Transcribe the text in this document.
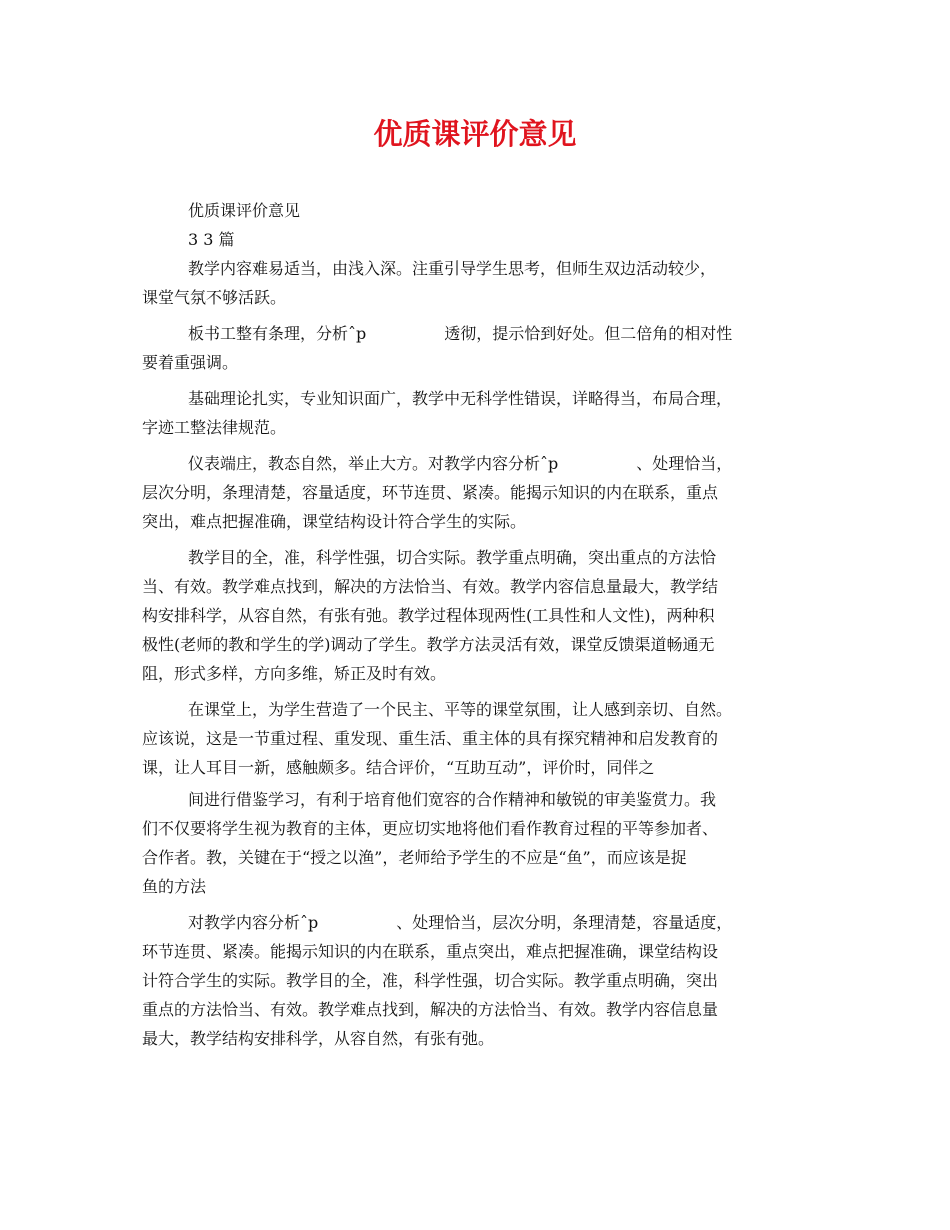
优质课评价意见
优质课评价意见
3 3 篇
教学内容难易适当，由浅入深。注重引导学生思考，但师生双边活动较少，
课堂气氛不够活跃。
板书工整有条理，分析ˆp	透彻，提示恰到好处。但二倍角的相对性
要着重强调。
基础理论扎实，专业知识面广，教学中无科学性错误，详略得当，布局合理，
字迹工整法律规范。
仪表端庄，教态自然，举止大方。对教学内容分析ˆp	、处理恰当，
层次分明，条理清楚，容量适度，环节连贯、紧凑。能揭示知识的内在联系，重点
突出，难点把握准确，课堂结构设计符合学生的实际。
教学目的全，准，科学性强，切合实际。教学重点明确，突出重点的方法恰
当、有效。教学难点找到，解决的方法恰当、有效。教学内容信息量最大，教学结
构安排科学，从容自然，有张有弛。教学过程体现两性(工具性和人文性)，两种积
极性(老师的教和学生的学)调动了学生。教学方法灵活有效，课堂反馈渠道畅通无
阻，形式多样，方向多维，矫正及时有效。
在课堂上，为学生营造了一个民主、平等的课堂氛围，让人感到亲切、自然。
应该说，这是一节重过程、重发现、重生活、重主体的具有探究精神和启发教育的
课，让人耳目一新，感触颇多。结合评价，“互助互动”，评价时，同伴之
间进行借鉴学习，有利于培育他们宽容的合作精神和敏锐的审美鉴赏力。我
们不仅要将学生视为教育的主体，更应切实地将他们看作教育过程的平等参加者、
合作者。教，关键在于“授之以渔”，老师给予学生的不应是“鱼”，而应该是捉
鱼的方法
对教学内容分析ˆp	、处理恰当，层次分明，条理清楚，容量适度，
环节连贯、紧凑。能揭示知识的内在联系，重点突出，难点把握准确，课堂结构设
计符合学生的实际。教学目的全，准，科学性强，切合实际。教学重点明确，突出
重点的方法恰当、有效。教学难点找到，解决的方法恰当、有效。教学内容信息量
最大，教学结构安排科学，从容自然，有张有弛。
